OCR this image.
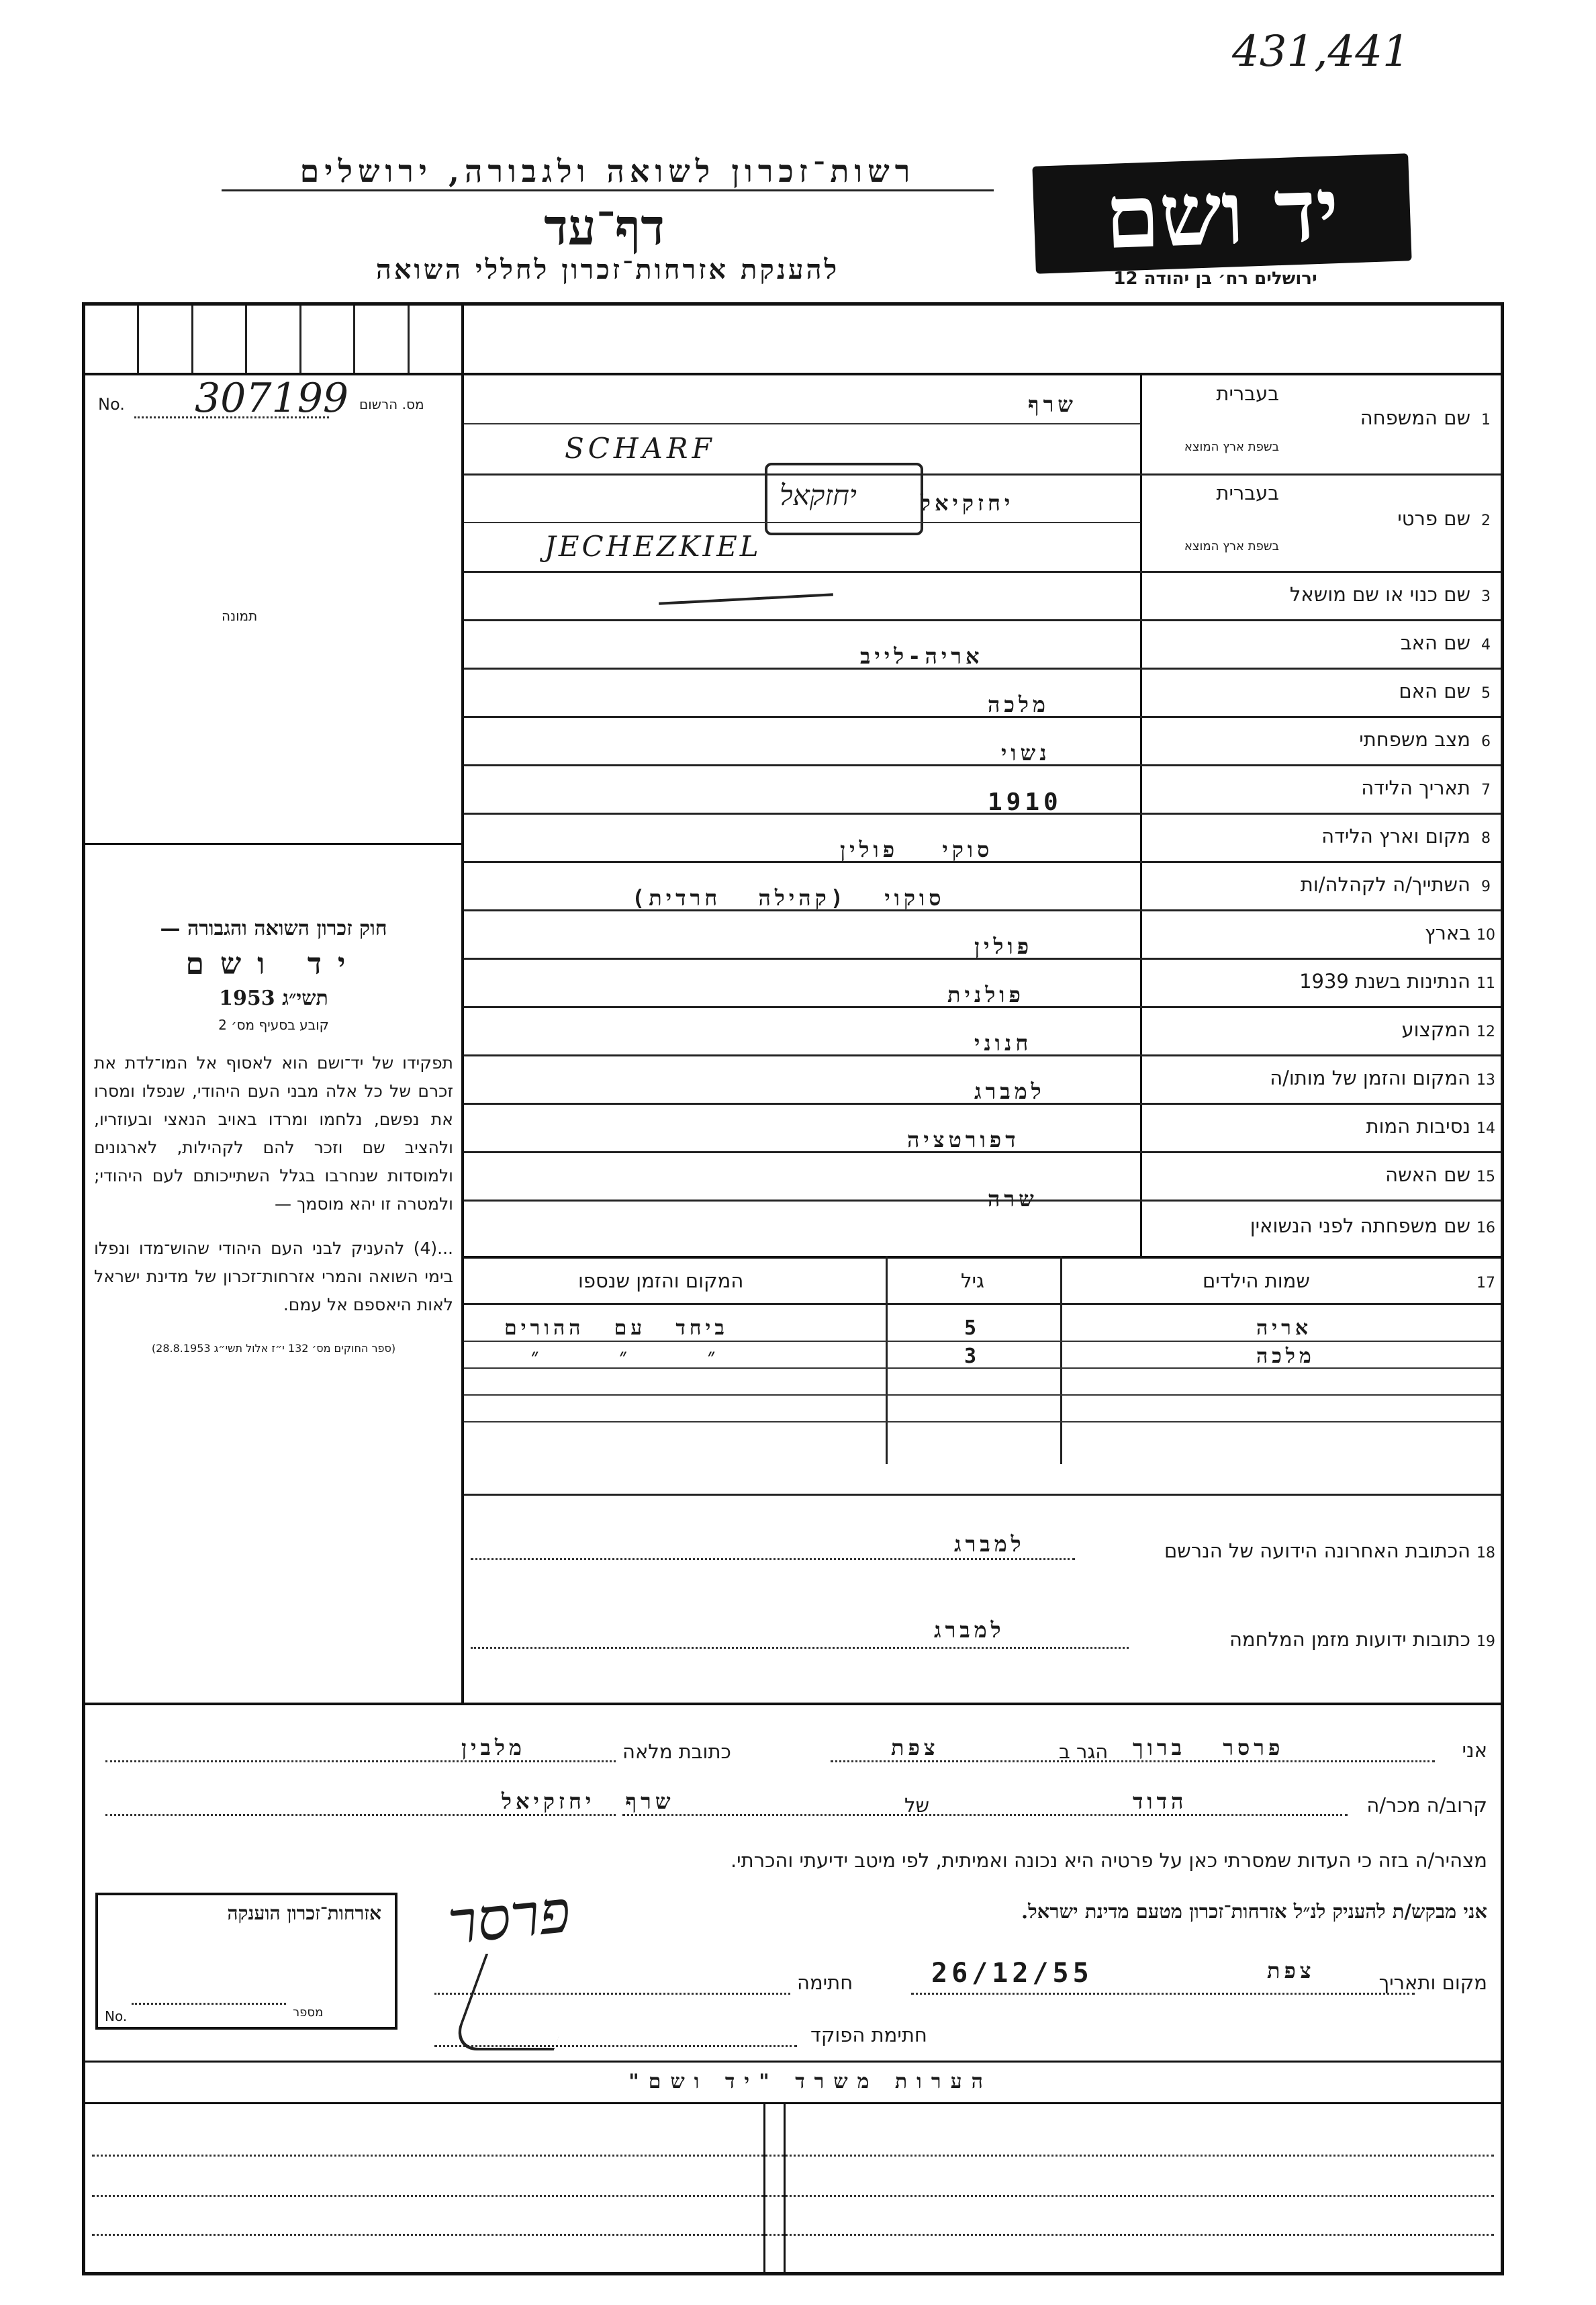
431,441
יד ושם
ירושלים רח׳ בן יהודה 12
רשות־זכרון לשואה ולגבורה, ירושלים
דף־עד
להענקת אזרחות־זכרון לחללי השואה
No. 307199 מס. הרשום
תמונה
חוק זכרון השואה והגבורה —
יד ושם
תשי״ג 1953
קובע בסעיף מס׳ 2
תפקידו של יד־ושם הוא לאסוף אל המו־לדת את זכרם של כל אלה מבני העם היהודי, שנפלו ומסרו את נפשם, נלחמו ומרדו באויב הנאצי ובעוזריו, ולהציב שם וזכר להם לקהילות, לארגונים ולמוסדות שנחרבו בגלל השתייכותם לעם היהודי; ולמטרה זו יהא מוסמך —
...(4) להעניק לבני העם היהודי שהוש־מדו ונפלו בימי השואה והמרי אזרחות־זכרון של מדינת ישראל לאות היאספם אל עמם.
(ספר החוקים מס׳ 132 י״ז אלול תשי״ג 28.8.1953)
1
שם המשפחה
בעברית
בשפת ארץ המוצא
שרף
SCHARF
2
שם פרטי
בעברית
בשפת ארץ המוצא
יחזקיאל
יחזקאל
JECHEZKIEL
3
שם כנוי או שם מושאל
4
שם האב
אריה-לייב
5
שם האם
מלכה
6
מצב משפחתי
נשוי
7
תאריך הלידה
1910
8
מקום וארץ הלידה
סוקי פולין
9
השתייך/ה לקהלה/ות
סוקוי (קהילה חרדית)
10
בארץ
פולין
11
הנתינות בשנת 1939
פולנית
12
המקצוע
חנוני
13
המקום והזמן של מותו/ה
למברג
14
נסיבות המות
דפורטציה
15
שם האשה
16
שם משפחתה לפני הנשואין
שרה
17
שמות הילדים
גיל
המקום והזמן שנספו
אריה
5
ביחד עם ההורים
מלכה
3
״ ״ ״
18
הכתובת האחרונה הידועה של הנרשם
למברג
19
כתובות ידועות מזמן המלחמה
למברג
אני
פרסר ברוך
הגר ב
צפת
כתובת מלאה
מלבין
קרוב/ה מכר/ה
הדוד
של
שרף יחזקיאל
מצהיר/ה בזה כי העדות שמסרתי כאן על פרטיה היא נכונה ואמיתית, לפי מיטב ידיעתי והכרתי.
אני מבקש/ת להעניק לנ״ל אזרחות־זכרון מטעם מדינת ישראל.
מקום ותאריך
צפת
26/12/55
חתימה
פרסר
חתימת הפוקד
אזרחות־זכרון הוענקה
No.	מספר
הערות משרד "יד ושם"
